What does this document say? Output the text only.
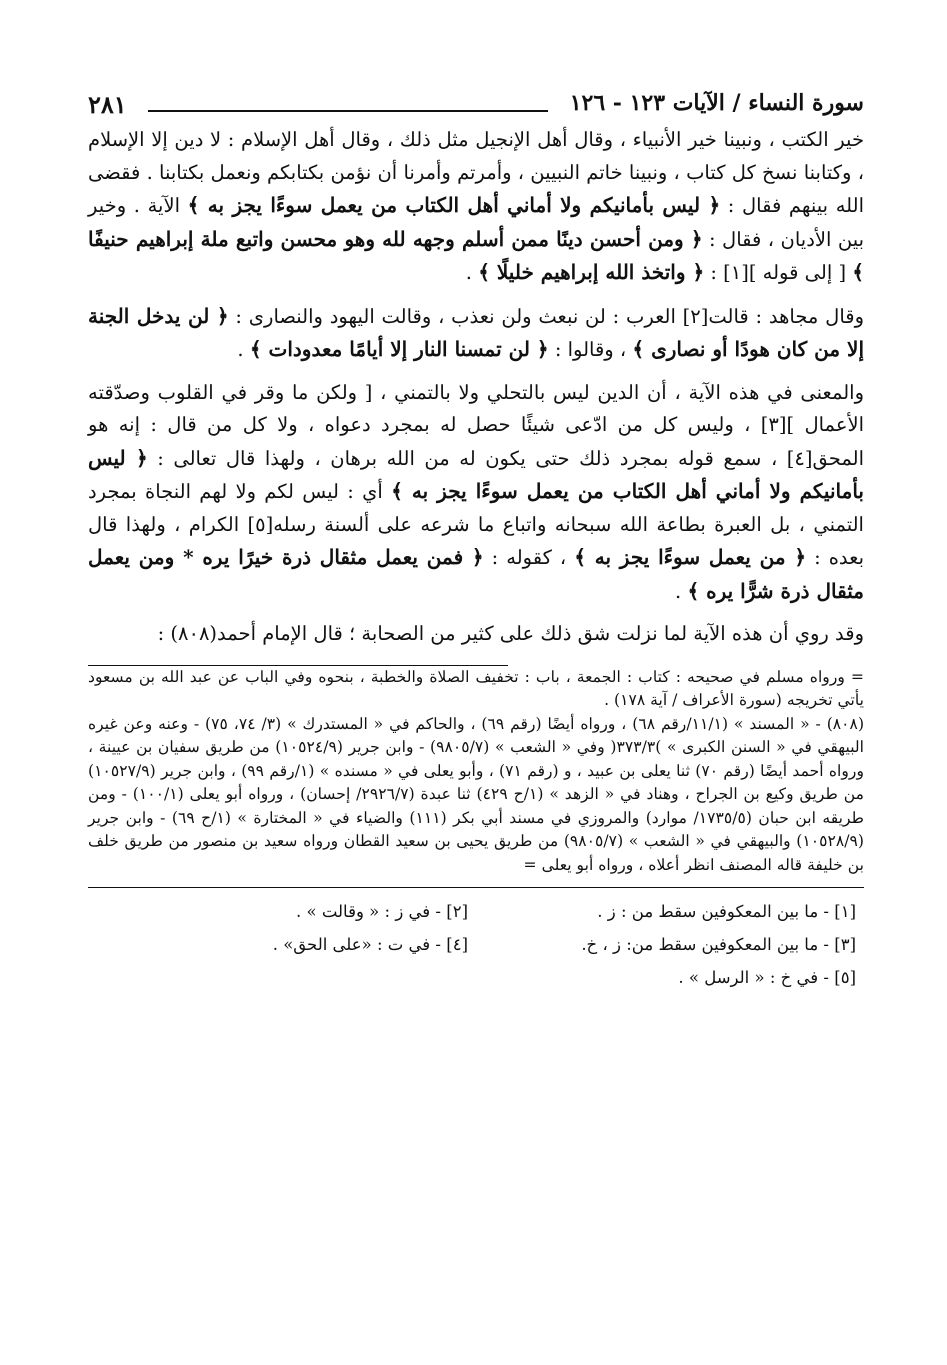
٢٨١	سورة النساء / الآيات ١٢٣ - ١٢٦

خير الكتب ، ونبينا خير الأنبياء ، وقال أهل الإنجيل مثل ذلك ، وقال أهل الإسلام : لا دين إلا الإسلام ، وكتابنا نسخ كل كتاب ، ونبينا خاتم النبيين ، وأمرتم وأمرنا أن نؤمن بكتابكم ونعمل بكتابنا . فقضى الله بينهم فقال : ﴿ ليس بأمانيكم ولا أماني أهل الكتاب من يعمل سوءًا يجز به ﴾ الآية . وخير بين الأديان ، فقال : ﴿ ومن أحسن دينًا ممن أسلم وجهه لله وهو محسن واتبع ملة إبراهيم حنيفًا ﴾ [ إلى قوله ][١] : ﴿ واتخذ الله إبراهيم خليلًا ﴾ .

وقال مجاهد : قالت[٢] العرب : لن نبعث ولن نعذب ، وقالت اليهود والنصارى : ﴿ لن يدخل الجنة إلا من كان هودًا أو نصارى ﴾ ، وقالوا : ﴿ لن تمسنا النار إلا أيامًا معدودات ﴾ .

والمعنى في هذه الآية ، أن الدين ليس بالتحلي ولا بالتمني ، [ ولكن ما وقر في القلوب وصدّقته الأعمال ][٣] ، وليس كل من ادّعى شيئًا حصل له بمجرد دعواه ، ولا كل من قال : إنه هو المحق[٤] ، سمع قوله بمجرد ذلك حتى يكون له من الله برهان ، ولهذا قال تعالى : ﴿ ليس بأمانيكم ولا أماني أهل الكتاب من يعمل سوءًا يجز به ﴾ أي : ليس لكم ولا لهم النجاة بمجرد التمني ، بل العبرة بطاعة الله سبحانه واتباع ما شرعه على ألسنة رسله[٥] الكرام ، ولهذا قال بعده : ﴿ من يعمل سوءًا يجز به ﴾ ، كقوله : ﴿ فمن يعمل مثقال ذرة خيرًا يره * ومن يعمل مثقال ذرة شرًّا يره ﴾ .

وقد روي أن هذه الآية لما نزلت شق ذلك على كثير من الصحابة ؛ قال الإمام أحمد(٨٠٨) :

= ورواه مسلم في صحيحه : كتاب : الجمعة ، باب : تخفيف الصلاة والخطبة ، بنحوه وفي الباب عن عبد الله بن مسعود يأتي تخريجه (سورة الأعراف / آية ١٧٨) .

(٨٠٨) - « المسند » (١١/١/رقم ٦٨) ، ورواه أيضًا (رقم ٦٩) ، والحاكم في « المستدرك » (٣/ ٧٤، ٧٥) - وعنه وعن غيره البيهقي في « السنن الكبرى » )٣٧٣/٣( وفي « الشعب » (٩٨٠٥/٧) - وابن جرير (١٠٥٢٤/٩) من طريق سفيان بن عيينة ، ورواه أحمد أيضًا (رقم ٧٠) ثنا يعلى بن عبيد ، و (رقم ٧١) ، وأبو يعلى في « مسنده » (١/رقم ٩٩) ، وابن جرير (١٠٥٢٧/٩) من طريق وكيع بن الجراح ، وهناد في « الزهد » (١/ح ٤٢٩) ثنا عبدة (٢٩٢٦/٧/ إحسان) ، ورواه أبو يعلى (١٠٠/١) - ومن طريقه ابن حبان (١٧٣٥/٥/ موارد) والمروزي في مسند أبي بكر (١١١) والضياء في « المختارة » (١/ح ٦٩) - وابن جرير (١٠٥٢٨/٩) والبيهقي في « الشعب » (٩٨٠٥/٧) من طريق يحيى بن سعيد القطان ورواه سعيد بن منصور من طريق خلف بن خليفة قاله المصنف انظر أعلاه ، ورواه أبو يعلى =

[١] - ما بين المعكوفين سقط من : ز .
[٢] - في ز : « وقالت » .
[٣] - ما بين المعكوفين سقط من: ز ، خ.
[٤] - في ت : «على الحق» .
[٥] - في خ : « الرسل » .
